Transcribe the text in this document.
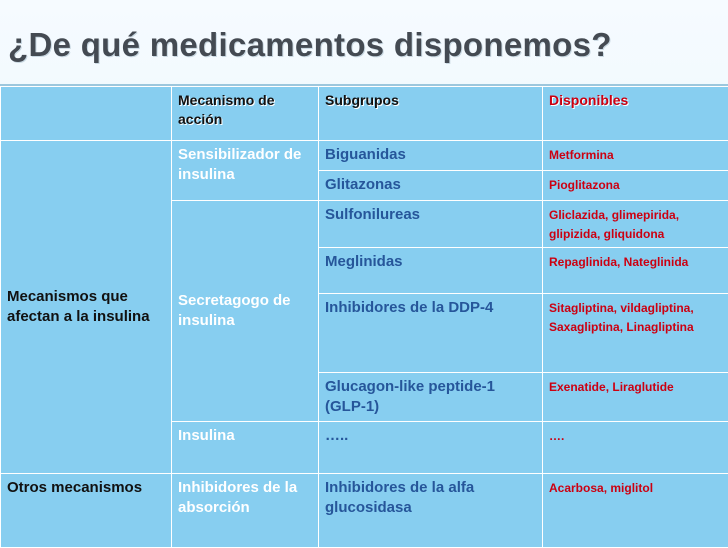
¿De qué medicamentos disponemos?
	Mecanismo de acción	Subgrupos	Disponibles
Mecanismos que afectan a la insulina	Sensibilizador de insulina	Biguanidas	Metformina
		Glitazonas	Pioglitazona
	Secretagogo de insulina	Sulfonilureas	Gliclazida, glimepirida, glipizida, gliquidona
		Meglinidas	Repaglinida, Nateglinida
		Inhibidores de la DDP-4	Sitagliptina, vildagliptina, Saxagliptina, Linagliptina
		Glucagon-like peptide-1 (GLP-1)	Exenatide, Liraglutide
	Insulina	…..	….
Otros mecanismos	Inhibidores de la absorción	Inhibidores de la alfa glucosidasa	Acarbosa, miglitol
